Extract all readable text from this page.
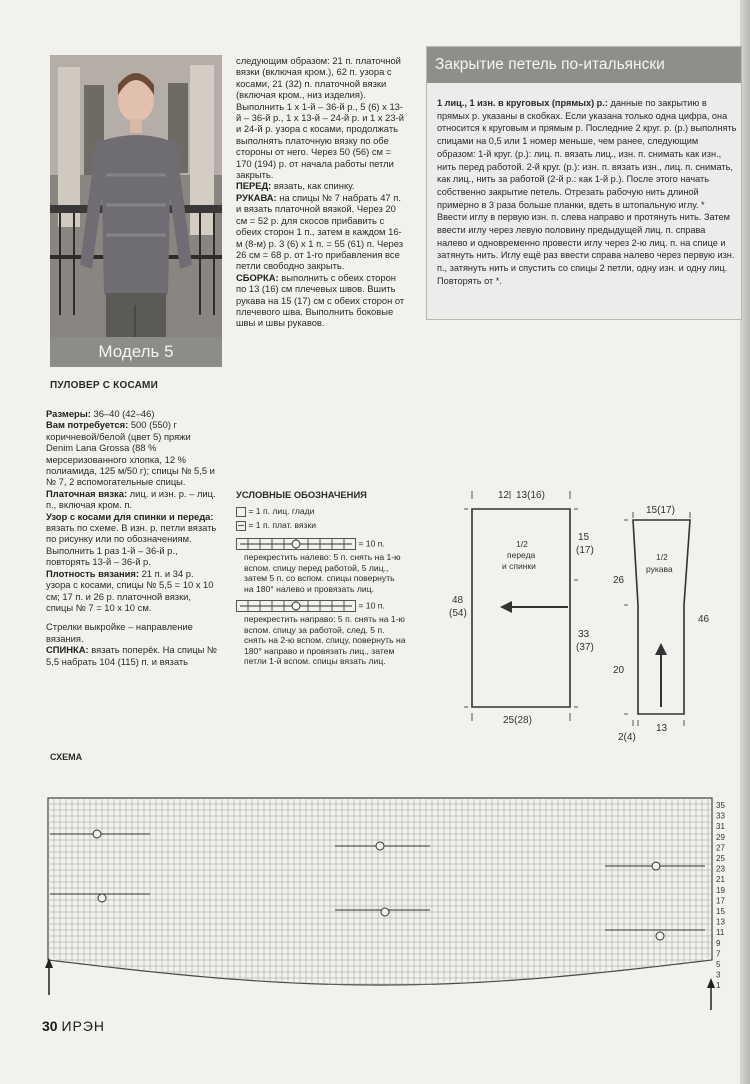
Модель 5

следующим образом: 21 п. платочной вязки (включая кром.), 62 п. узора с косами, 21 (32) п. платочной вязки (включая кром., низ изделия). Выполнить 1 х 1-й – 36-й р., 5 (6) х 13-й – 36-й р., 1 х 13-й – 24-й р. и 1 х 23-й и 24-й р. узора с косами, продолжать выполнять платочную вязку по обе стороны от него. Через 50 (56) см = 170 (194) р. от начала работы петли закрыть.

ПЕРЕД: вязать, как спинку.

РУКАВА: на спицы № 7 набрать 47 п. и вязать платочной вязкой. Через 20 см = 52 р. для скосов прибавить с обеих сторон 1 п., затем в каждом 16-м (8-м) р. 3 (6) х 1 п. = 55 (61) п. Через 26 см = 68 р. от 1-го прибавления все петли свободно закрыть.

СБОРКА: выполнить с обеих сторон по 13 (16) см плечевых швов. Вшить рукава на 15 (17) см с обеих сторон от плечевого шва. Выполнить боковые швы и швы рукавов.

ПУЛОВЕР С КОСАМИ

Размеры: 36–40 (42–46)

Вам потребуется: 500 (550) г коричневой/белой (цвет 5) пряжи Denim Lana Grossa (88 % мерсеризованного хлопка, 12 % полиамида, 125 м/50 г); спицы № 5,5 и № 7, 2 вспомогательные спицы.

Платочная вязка: лиц. и изн. р. – лиц. п., включая кром. п.

Узор с косами для спинки и переда: вязать по схеме. В изн. р. петли вязать по рисунку или по обозначениям. Выполнить 1 раз 1-й – 36-й р., повторять 13-й – 36-й р.

Плотность вязания: 21 п. и 34 р. узора с косами, спицы № 5,5 = 10 х 10 см; 17 п. и 26 р. платочной вязки, спицы № 7 = 10 х 10 см.

Стрелки выкройке – направление вязания.

СПИНКА: вязать поперёк. На спицы № 5,5 набрать 104 (115) п. и вязать

Закрытие петель по-итальянски
1 лиц., 1 изн. в круговых (прямых) р.: данные по закрытию в прямых р. указаны в скобках. Если указана только одна цифра, она относится к круговым и прямым р. Последние 2 круг. р. (р.) выполнять спицами на 0,5 или 1 номер меньше, чем ранее, следующим образом: 1-й круг. (р.): лиц. п. вязать лиц., изн. п. снимать как изн., нить перед работой. 2-й круг. (р.): изн. п. вязать изн., лиц. п. снимать, как лиц., нить за работой (2-й р.: как 1-й р.). После этого начать собственно закрытие петель. Отрезать рабочую нить длиной примерно в 3 раза больше планки, вдеть в штопальную иглу. * Ввести иглу в первую изн. п. слева направо и протянуть нить. Затем ввести иглу через левую половину предыдущей лиц. п. справа налево и одновременно провести иглу через 2-ю лиц. п. на спице и затянуть нить. Иглу ещё раз ввести справа налево через первую изн. п., затянуть нить и спустить со спицы 2 петли, одну изн. и одну лиц. Повторять от *.
УСЛОВНЫЕ ОБОЗНАЧЕНИЯ
= 1 п. лиц. глади
= 1 п. плат. вязки
= 10 п.
перекрестить налево: 5 п. снять на 1-ю вспом. спицу перед работой, 5 лиц., затем 5 п. со вспом. спицы повернуть на 180° налево и провязать лиц.
= 10 п.
перекрестить направо: 5 п. снять на 1-ю вспом. спицу за работой, след. 5 п. снять на 2-ю вспом. спицу, повернуть на 180° направо и провязать лиц., затем петли 1-й вспом. спицы вязать лиц.
12 13(16)
15
(17)
33
(37)
48
(54)
25(28)
1/2
переда
и спинки
15(17)
26
20
46
13
2(4)
1/2
рукава
СХЕМА
35
33
31
29
27
25
23
21
19
17
15
13
11
9
7
5
3
1
30 ИРЭН
